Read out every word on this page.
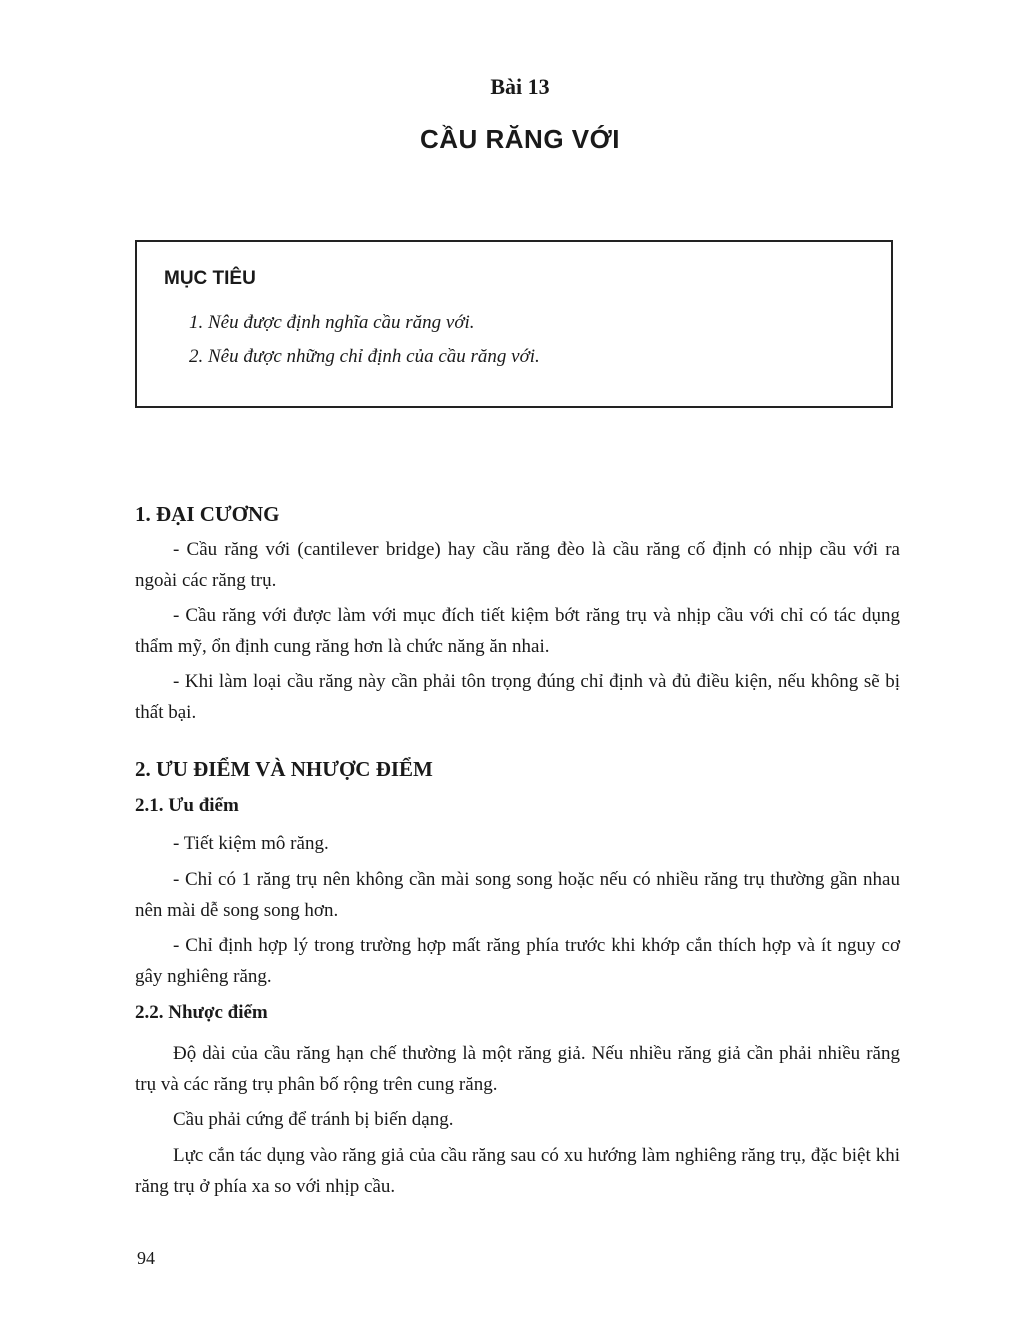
Bài 13
CẦU RĂNG VỚI
MỤC TIÊU
1. Nêu được định nghĩa cầu răng với.
2. Nêu được những chỉ định của cầu răng với.
1. ĐẠI CƯƠNG
- Cầu răng với (cantilever bridge) hay cầu răng đèo là cầu răng cố định có nhịp cầu với ra ngoài các răng trụ.
- Cầu răng với được làm với mục đích tiết kiệm bớt răng trụ và nhịp cầu với chỉ có tác dụng thẩm mỹ, ổn định cung răng hơn là chức năng ăn nhai.
- Khi làm loại cầu răng này cần phải tôn trọng đúng chỉ định và đủ điều kiện, nếu không sẽ bị thất bại.
2. ƯU ĐIỂM VÀ NHƯỢC ĐIỂM
2.1. Ưu điểm
- Tiết kiệm mô răng.
- Chỉ có 1 răng trụ nên không cần mài song song hoặc nếu có nhiều răng trụ thường gần nhau nên mài dễ song song hơn.
- Chỉ định hợp lý trong trường hợp mất răng phía trước khi khớp cắn thích hợp và ít nguy cơ gây nghiêng răng.
2.2. Nhược điểm
Độ dài của cầu răng hạn chế thường là một răng giả. Nếu nhiều răng giả cần phải nhiều răng trụ và các răng trụ phân bố rộng trên cung răng.
Cầu phải cứng để tránh bị biến dạng.
Lực cắn tác dụng vào răng giả của cầu răng sau có xu hướng làm nghiêng răng trụ, đặc biệt khi răng trụ ở phía xa so với nhịp cầu.
94
